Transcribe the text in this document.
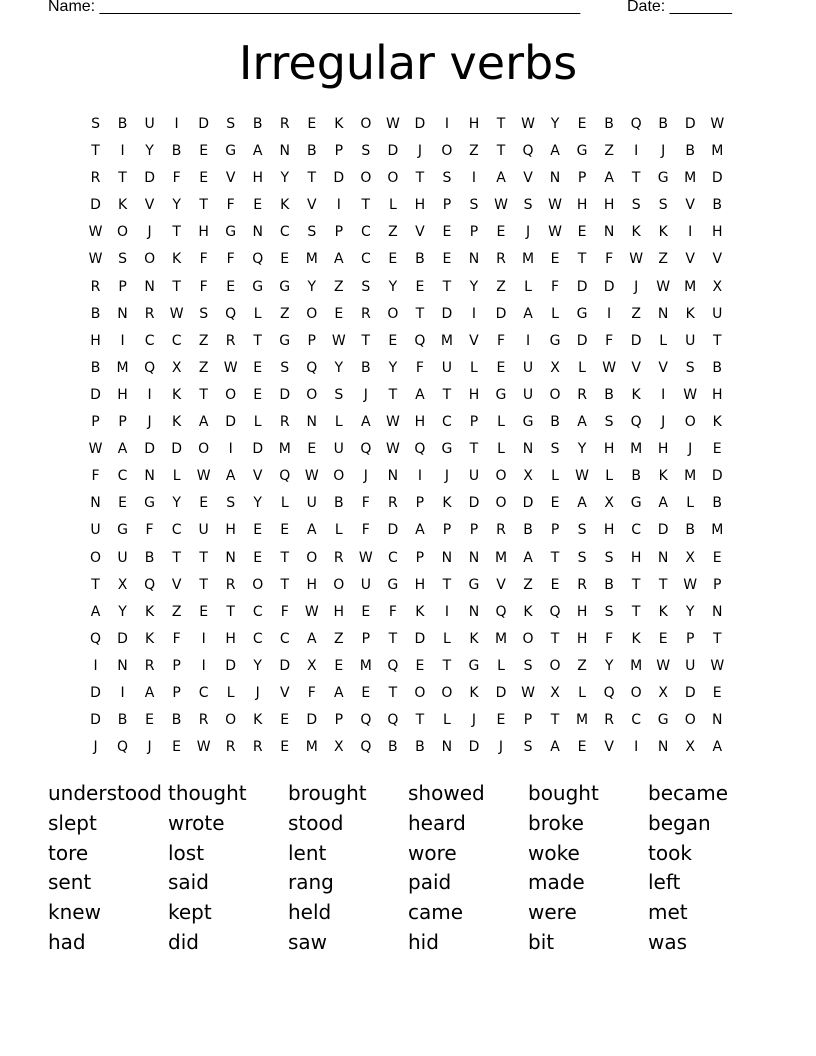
Name: ______________________________________________________	Date: _______
Irregular verbs
S	B	U	I	D	S	B	R	E	K	O	W	D	I	H	T	W	Y	E	B	Q	B	D	W
T	I	Y	B	E	G	A	N	B	P	S	D	J	O	Z	T	Q	A	G	Z	I	J	B	M
R	T	D	F	E	V	H	Y	T	D	O	O	T	S	I	A	V	N	P	A	T	G	M	D
D	K	V	Y	T	F	E	K	V	I	T	L	H	P	S	W	S	W	H	H	S	S	V	B
W	O	J	T	H	G	N	C	S	P	C	Z	V	E	P	E	J	W	E	N	K	K	I	H
W	S	O	K	F	F	Q	E	M	A	C	E	B	E	N	R	M	E	T	F	W	Z	V	V
R	P	N	T	F	E	G	G	Y	Z	S	Y	E	T	Y	Z	L	F	D	D	J	W	M	X
B	N	R	W	S	Q	L	Z	O	E	R	O	T	D	I	D	A	L	G	I	Z	N	K	U
H	I	C	C	Z	R	T	G	P	W	T	E	Q	M	V	F	I	G	D	F	D	L	U	T
B	M	Q	X	Z	W	E	S	Q	Y	B	Y	F	U	L	E	U	X	L	W	V	V	S	B
D	H	I	K	T	O	E	D	O	S	J	T	A	T	H	G	U	O	R	B	K	I	W	H
P	P	J	K	A	D	L	R	N	L	A	W	H	C	P	L	G	B	A	S	Q	J	O	K
W	A	D	D	O	I	D	M	E	U	Q	W	Q	G	T	L	N	S	Y	H	M	H	J	E
F	C	N	L	W	A	V	Q	W	O	J	N	I	J	U	O	X	L	W	L	B	K	M	D
N	E	G	Y	E	S	Y	L	U	B	F	R	P	K	D	O	D	E	A	X	G	A	L	B
U	G	F	C	U	H	E	E	A	L	F	D	A	P	P	R	B	P	S	H	C	D	B	M
O	U	B	T	T	N	E	T	O	R	W	C	P	N	N	M	A	T	S	S	H	N	X	E
T	X	Q	V	T	R	O	T	H	O	U	G	H	T	G	V	Z	E	R	B	T	T	W	P
A	Y	K	Z	E	T	C	F	W	H	E	F	K	I	N	Q	K	Q	H	S	T	K	Y	N
Q	D	K	F	I	H	C	C	A	Z	P	T	D	L	K	M	O	T	H	F	K	E	P	T
I	N	R	P	I	D	Y	D	X	E	M	Q	E	T	G	L	S	O	Z	Y	M	W	U	W
D	I	A	P	C	L	J	V	F	A	E	T	O	O	K	D	W	X	L	Q	O	X	D	E
D	B	E	B	R	O	K	E	D	P	Q	Q	T	L	J	E	P	T	M	R	C	G	O	N
J	Q	J	E	W	R	R	E	M	X	Q	B	B	N	D	J	S	A	E	V	I	N	X	A
understood thought	brought	showed	bought	became
slept	wrote	stood	heard	broke	began
tore	lost	lent	wore	woke	took
sent	said	rang	paid	made	left
knew	kept	held	came	were	met
had	did	saw	hid	bit	was
